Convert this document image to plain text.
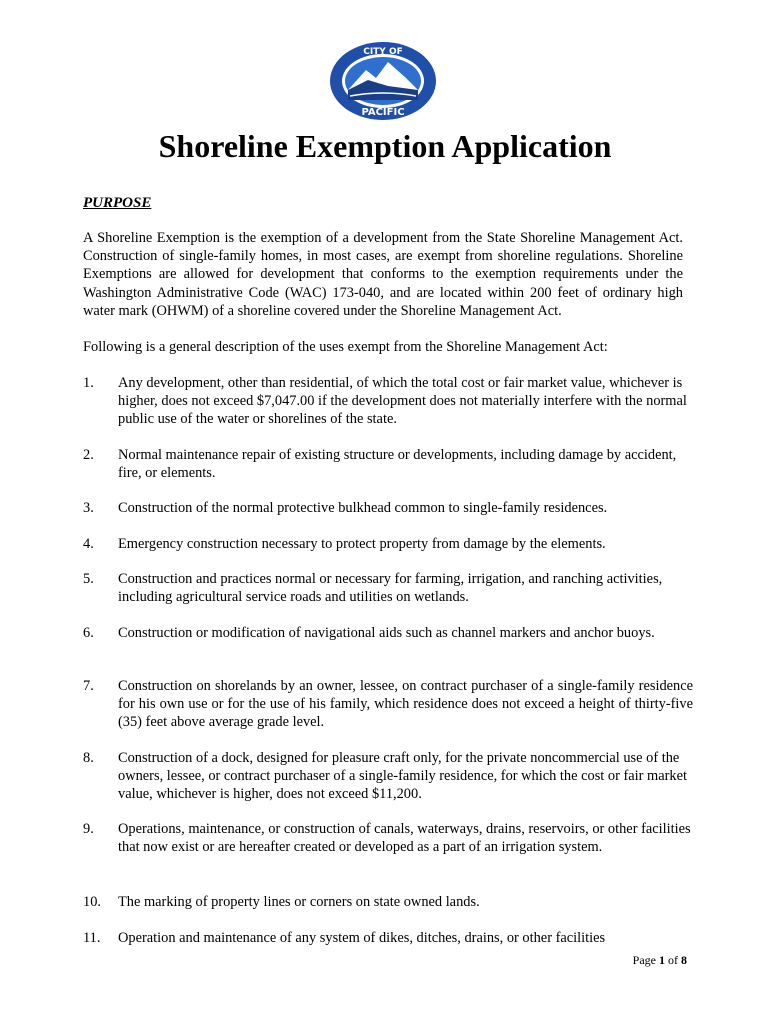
CITY OF
PACIFIC
Shoreline Exemption Application
PURPOSE

A Shoreline Exemption is the exemption of a development from the State Shoreline Management Act. Construction of single-family homes, in most cases, are exempt from shoreline regulations. Shoreline Exemptions are allowed for development that conforms to the exemption requirements under the Washington Administrative Code (WAC) 173-040, and are located within 200 feet of ordinary high water mark (OHWM) of a shoreline covered under the Shoreline Management Act.

Following is a general description of the uses exempt from the Shoreline Management Act:

1.	Any development, other than residential, of which the total cost or fair market value, whichever is higher, does not exceed $7,047.00 if the development does not materially interfere with the normal public use of the water or shorelines of the state.
2.	Normal maintenance repair of existing structure or developments, including damage by accident, fire, or elements.
3.	Construction of the normal protective bulkhead common to single-family residences.
4.	Emergency construction necessary to protect property from damage by the elements.
5.	Construction and practices normal or necessary for farming, irrigation, and ranching activities, including agricultural service roads and utilities on wetlands.
6.	Construction or modification of navigational aids such as channel markers and anchor buoys.
7.	Construction on shorelands by an owner, lessee, on contract purchaser of a single-family residence for his own use or for the use of his family, which residence does not exceed a height of thirty-five (35) feet above average grade level.
8.	Construction of a dock, designed for pleasure craft only, for the private noncommercial use of the owners, lessee, or contract purchaser of a single-family residence, for which the cost or fair market value, whichever is higher, does not exceed $11,200.
9.	Operations, maintenance, or construction of canals, waterways, drains, reservoirs, or other facilities that now exist or are hereafter created or developed as a part of an irrigation system.
10.	The marking of property lines or corners on state owned lands.
11.	Operation and maintenance of any system of dikes, ditches, drains, or other facilities
Page 1 of 8
